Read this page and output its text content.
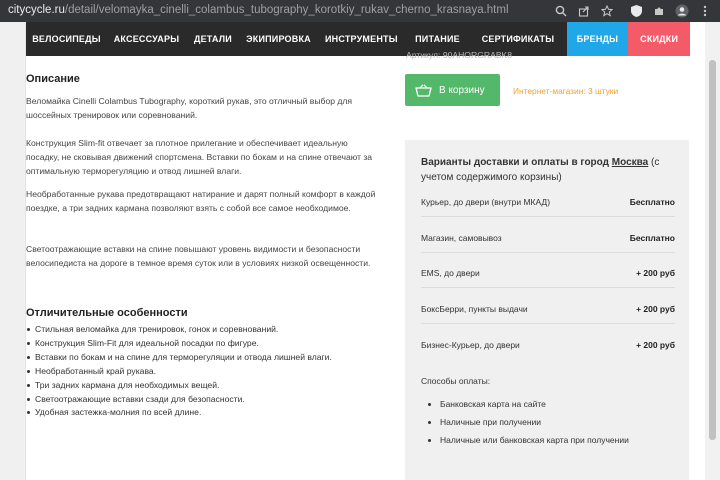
citycycle.ru/detail/velomayka_cinelli_colambus_tubography_korotkiy_rukav_cherno_krasnaya.html
ВЕЛОСИПЕДЫ	АКСЕССУАРЫ	ДЕТАЛИ	ЭКИПИРОВКА	ИНСТРУМЕНТЫ	ПИТАНИЕ	СЕРТИФИКАТЫ	БРЕНДЫ	СКИДКИ
Описание
Веломайка Cinelli Colambus Tubography, короткий рукав, это отличный выбор для шоссейных тренировок или соревнований.
Конструкция Slim-fit отвечает за плотное прилегание и обеспечивает идеальную посадку, не сковывая движений спортсмена. Вставки по бокам и на спине отвечают за оптимальную терморегуляцию и отвод лишней влаги.
Необработанные рукава предотвращают натирание и дарят полный комфорт в каждой поездке, а три задних кармана позволяют взять с собой все самое необходимое.
Светоотражающие вставки на спине повышают уровень видимости и безопасности велосипедиста на дороге в темное время суток или в условиях низкой освещенности.
Отличительные особенности
Стильная веломайка для тренировок, гонок и соревнований.
Конструкция Slim-Fit для идеальной посадки по фигуре.
Вставки по бокам и на спине для терморегуляции и отвода лишней влаги.
Необработанный край рукава.
Три задних кармана для необходимых вещей.
Светоотражающие вставки сзади для безопасности.
Удобная застежка-молния по всей длине.
Артикул: 90AHORGRABK8
В корзину	Интернет-магазин: 3 штуки
Варианты доставки и оплаты в город Москва (с учетом содержимого корзины)
Курьер, до двери (внутри МКАД)	Бесплатно
Магазин, самовывоз	Бесплатно
EMS, до двери	+ 200 руб
БоксБерри, пункты выдачи	+ 200 руб
Бизнес-Курьер, до двери	+ 200 руб
Способы оплаты:
Банковская карта на сайте
Наличные при получении
Наличные или банковская карта при получении
